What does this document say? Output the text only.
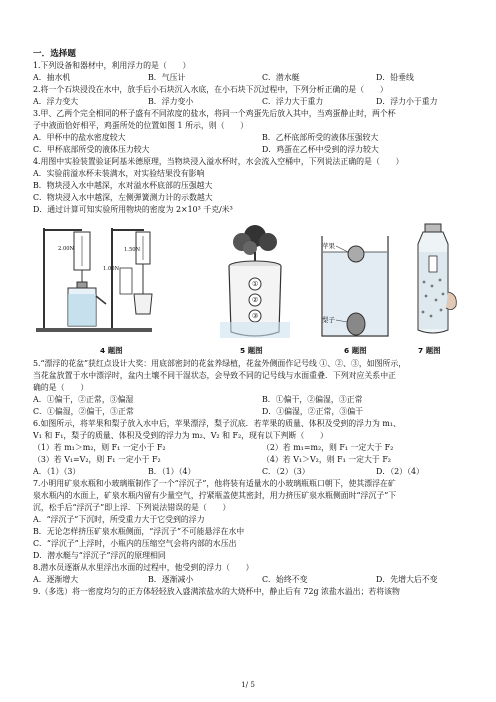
一．选择题
1.下列设备和器材中，利用浮力的是（　　）
A．抽水机	B．气压计	C．潜水艇	D．铅垂线
2.将一个石块浸没在水中，放手后小石块沉入水底，在小石块下沉过程中，下列分析正确的是（　　）
A．浮力变大	B．浮力变小	C．浮力大于重力	D．浮力小于重力
3.甲、乙两个完全相同的杯子盛有不同浓度的盐水，将同一个鸡蛋先后放入其中，当鸡蛋静止时，两个杯
子中液面恰好相平，鸡蛋所处的位置如图 1 所示，则（　　）
A．甲杯中的盐水密度较大	B．乙杯底部所受的液体压强较大
C．甲杯底部所受的液体压力较大	D．鸡蛋在乙杯中受到的浮力较大
4.用图中实验装置验证阿基米德原理，当物块浸入溢水杯时，水会流入空桶中，下列说法正确的是（　　）
A．实验前溢水杯未装满水，对实验结果没有影响
B．物块浸入水中越深，水对溢水杯底部的压强越大
C．物块浸入水中越深，左侧弹簧测力计的示数越大
D．通过计算可知实验所用物块的密度为 2×10³ 千克/米³
2.00N	1.50N
1.00N
4 题图
①
②
③
5 题图
苹果
梨子
6 题图	7 题图
5.“漂浮的花盆”获红点设计大奖：用底部密封的花盆养绿植，花盆外侧面作记号线 ①、②、③，如图所示，
当花盆放置于水中漂浮时，盆内土壤不同干湿状态，会导致不同的记号线与水面重叠．下列对应关系中正
确的是（　　）
A．①偏干，②正常，③偏湿	B．①偏干，②偏湿，③正常
C．①偏湿，②偏干，③正常	D．①偏湿，②正常，③偏干
6.如图所示，将苹果和梨子放入水中后，苹果漂浮，梨子沉底．若苹果的质量、体积及受到的浮力为 m₁、
V₁ 和 F₁，梨子的质量、体积及受到的浮力为 m₂、V₂ 和 F₂，现有以下判断（　　）
（1）若 m₁＞m₂，则 F₁ 一定小于 F₂	（2）若 m₁=m₂，则 F₁ 一定大于 F₂
（3）若 V₁=V₂，则 F₁ 一定小于 F₂	（4）若 V₁＞V₂，则 F₁ 一定大于 F₂
A．（1）（3）	B．（1）（4）	C．（2）（3）	D．（2）（4）
7.小明用矿泉水瓶和小玻璃瓶制作了一个“浮沉子”，他将装有适量水的小玻璃瓶瓶口朝下，使其漂浮在矿
泉水瓶内的水面上，矿泉水瓶内留有少量空气，拧紧瓶盖使其密封，用力挤压矿泉水瓶侧面时“浮沉子”下
沉，松手后“浮沉子”即上浮．下列说法错误的是（　　）
A．“浮沉子”下沉时，所受重力大于它受到的浮力
B．无论怎样挤压矿泉水瓶侧面，“浮沉子”不可能悬浮在水中
C．“浮沉子”上浮时，小瓶内的压缩空气会将内部的水压出
D．潜水艇与“浮沉子”浮沉的原理相同
8.潜水员逐渐从水里浮出水面的过程中，他受到的浮力（　　）
A．逐渐增大	B．逐渐减小	C．始终不变	D．先增大后不变
9.（多选）将一密度均匀的正方体轻轻放入盛满浓盐水的大烧杯中，静止后有 72g 浓盐水溢出；若将该物
1/ 5
